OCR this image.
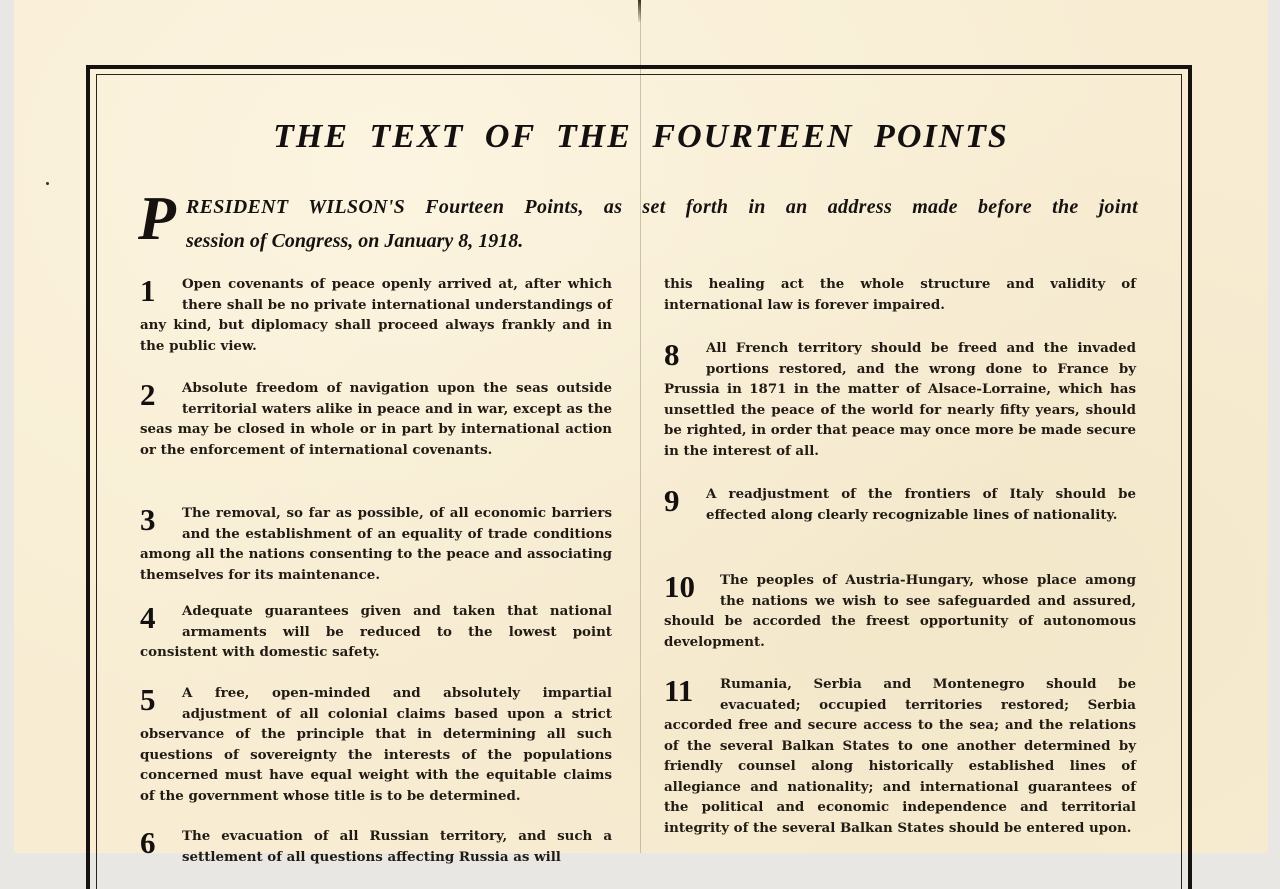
THE TEXT OF THE FOURTEEN POINTS
P RESIDENT WILSON'S Fourteen Points, as set forth in an address made before the joint
session of Congress, on January 8, 1918.
1	Open covenants of peace openly arrived at, after which there shall be no private international understandings of any kind, but diplomacy shall proceed always frankly and in the public view.

2	Absolute freedom of navigation upon the seas outside territorial waters alike in peace and in war, except as the seas may be closed in whole or in part by international action or the enforcement of international covenants.

3	The removal, so far as possible, of all economic barriers and the establishment of an equality of trade conditions among all the nations consenting to the peace and associating themselves for its maintenance.

4	Adequate guarantees given and taken that national armaments will be reduced to the lowest point consistent with domestic safety.

5	A free, open-minded and absolutely impartial adjustment of all colonial claims based upon a strict observance of the principle that in determining all such questions of sovereignty the interests of the populations concerned must have equal weight with the equitable claims of the government whose title is to be determined.

6	The evacuation of all Russian territory, and such a settlement of all questions affecting Russia as will

this healing act the whole structure and validity of international law is forever impaired.

8	All French territory should be freed and the invaded portions restored, and the wrong done to France by Prussia in 1871 in the matter of Alsace-Lorraine, which has unsettled the peace of the world for nearly fifty years, should be righted, in order that peace may once more be made secure in the interest of all.

9	A readjustment of the frontiers of Italy should be effected along clearly recognizable lines of nationality.

10	The peoples of Austria-Hungary, whose place among the nations we wish to see safeguarded and assured, should be accorded the freest opportunity of autonomous development.

11	Rumania, Serbia and Montenegro should be evacuated; occupied territories restored; Serbia accorded free and secure access to the sea; and the relations of the several Balkan States to one another determined by friendly counsel along historically established lines of allegiance and nationality; and international guarantees of the political and economic independence and territorial integrity of the several Balkan States should be entered upon.
